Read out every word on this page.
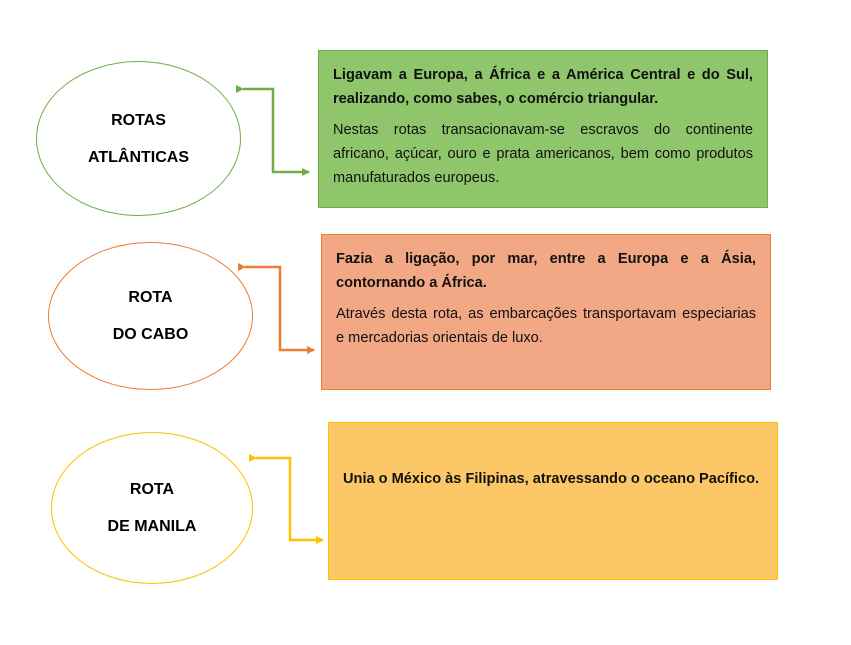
ROTAS
ATLÂNTICAS
ROTA
DO CABO
ROTA
DE MANILA

Ligavam a Europa, a África e a América Central e do Sul, realizando, como sabes, o comércio triangular.

Nestas rotas transacionavam-se escravos do continente africano, açúcar, ouro e prata americanos, bem como produtos manufaturados europeus.

Fazia a ligação, por mar, entre a Europa e a Ásia, contornando a África.

Através desta rota, as embarcações transportavam especiarias e mercadorias orientais de luxo.

Unia o México às Filipinas, atravessando o oceano Pacífico.
